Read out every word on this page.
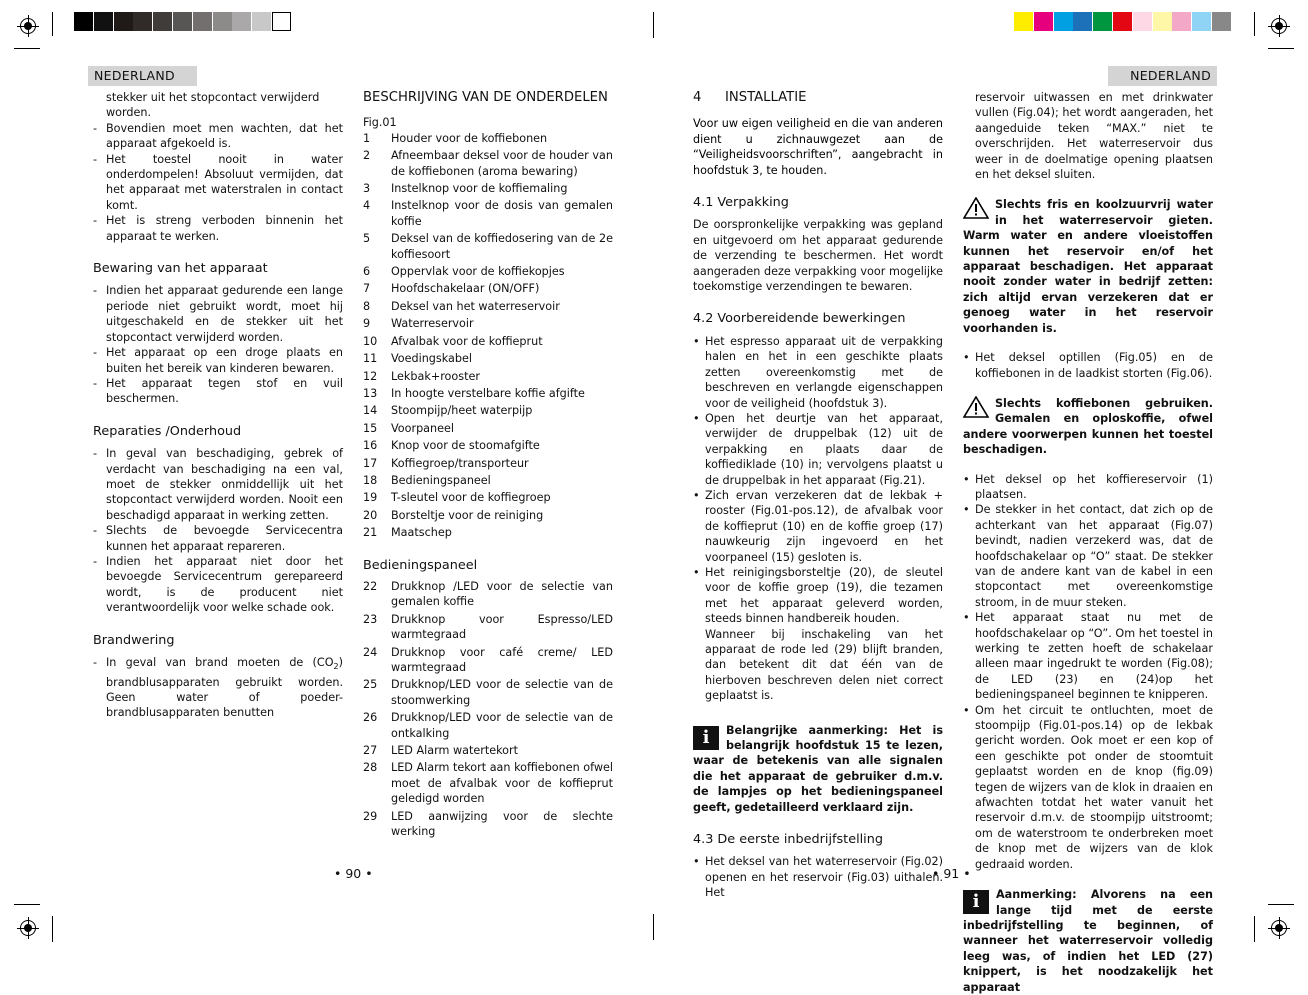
NEDERLAND	NEDERLAND

stekker uit het stopcontact verwijderd worden.

- Bovendien moet men wachten, dat het apparaat afgekoeld is.
- Het toestel nooit in water onderdompelen! Absoluut vermijden, dat het apparaat met waterstralen in contact komt.
- Het is streng verboden binnenin het apparaat te werken.
Bewaring van het apparaat
- Indien het apparaat gedurende een lange periode niet gebruikt wordt, moet hij uitgeschakeld en de stekker uit het stopcontact verwijderd worden.
- Het apparaat op een droge plaats en buiten het bereik van kinderen bewaren.
- Het apparaat tegen stof en vuil beschermen.
Reparaties /Onderhoud
- In geval van beschadiging, gebrek of verdacht van beschadiging na een val, moet de stekker onmiddellijk uit het stopcontact verwijderd worden. Nooit een beschadigd apparaat in werking zetten.
- Slechts de bevoegde Servicecentra kunnen het apparaat repareren.
- Indien het apparaat niet door het bevoegde Servicecentrum gerepareerd wordt, is de producent niet verantwoordelijk voor welke schade ook.
Brandwering
- In geval van brand moeten de $(CO_2)$ brandblusapparaten gebruikt worden. Geen water of poeder-brandblusapparaten benutten
BESCHRIJVING VAN DE ONDERDELEN
Fig.01
1	Houder voor de koffiebonen
2	Afneembaar deksel voor de houder van de koffiebonen (aroma bewaring)
3	Instelknop voor de koffiemaling
4	Instelknop voor de dosis van gemalen koffie
5	Deksel van de koffiedosering van de 2e koffiesoort
6	Oppervlak voor de koffiekopjes
7	Hoofdschakelaar (ON/OFF)
8	Deksel van het waterreservoir
9	Waterreservoir
10	Afvalbak voor de koffieprut
11	Voedingskabel
12	Lekbak+rooster
13	In hoogte verstelbare koffie afgifte
14	Stoompijp/heet waterpijp
15	Voorpaneel
16	Knop voor de stoomafgifte
17	Koffiegroep/transporteur
18	Bedieningspaneel
19	T-sleutel voor de koffiegroep
20	Borsteltje voor de reiniging
21	Maatschep
Bedieningspaneel
22	Drukknop /LED voor de selectie van gemalen koffie
23	Drukknop voor Espresso/LED warmtegraad
24	Drukknop voor café creme/ LED warmtegraad
25	Drukknop/LED voor de selectie van de stoomwerking
26	Drukknop/LED voor de selectie van de ontkalking
27	LED Alarm watertekort
28	LED Alarm tekort aan koffiebonen ofwel moet de afvalbak voor de koffieprut geledigd worden
29	LED aanwijzing voor de slechte werking
• 90 •
4 INSTALLATIE

Voor uw eigen veiligheid en die van anderen dient u zichnauwgezet aan de “Veiligheidsvoorschriften”, aangebracht in hoofdstuk 3, te houden.

4.1 Verpakking

De oorspronkelijke verpakking was gepland en uitgevoerd om het apparaat gedurende de verzending te beschermen. Het wordt aangeraden deze verpakking voor mogelijke toekomstige verzendingen te bewaren.

4.2 Voorbereidende bewerkingen
• Het espresso apparaat uit de verpakking halen en het in een geschikte plaats zetten overeenkomstig met de beschreven en verlangde eigenschappen voor de veiligheid (hoofdstuk 3).
• Open het deurtje van het apparaat, verwijder de druppelbak (12) uit de verpakking en plaats daar de koffiediklade (10) in; vervolgens plaatst u de druppelbak in het apparaat (Fig.21).
• Zich ervan verzekeren dat de lekbak + rooster (Fig.01-pos.12), de afvalbak voor de koffieprut (10) en de koffie groep (17) nauwkeurig zijn ingevoerd en het voorpaneel (15) gesloten is.
• Het reinigingsborsteltje (20), de sleutel voor de koffie groep (19), die tezamen met het apparaat geleverd worden, steeds binnen handbereik houden.

Wanneer bij inschakeling van het apparaat de rode led (29) blijft branden, dan betekent dit dat één van de hierboven beschreven delen niet correct geplaatst is.

i	Belangrijke aanmerking: Het is belangrijk hoofdstuk 15 te lezen, waar de betekenis van alle signalen die het apparaat de gebruiker d.m.v. de lampjes op het bedieningspaneel geeft, gedetailleerd verklaard zijn.
4.3 De eerste inbedrijfstelling
• Het deksel van het waterreservoir (Fig.02) openen en het reservoir (Fig.03) uithalen. Het

reservoir uitwassen en met drinkwater vullen (Fig.04); het wordt aangeraden, het aangeduide teken “MAX.” niet te overschrijden. Het waterreservoir dus weer in de doelmatige opening plaatsen en het deksel sluiten.

Slechts fris en koolzuurvrij water in het waterreservoir gieten. Warm water en andere vloeistoffen kunnen het reservoir en/of het apparaat beschadigen. Het apparaat nooit zonder water in bedrijf zetten: zich altijd ervan verzekeren dat er genoeg water in het reservoir voorhanden is.
• Het deksel optillen (Fig.05) en de koffiebonen in de laadkist storten (Fig.06).
Slechts koffiebonen gebruiken. Gemalen en oploskoffie, ofwel andere voorwerpen kunnen het toestel beschadigen.
• Het deksel op het koffiereservoir (1) plaatsen.
• De stekker in het contact, dat zich op de achterkant van het apparaat (Fig.07) bevindt, nadien verzekerd was, dat de hoofdschakelaar op “O” staat. De stekker van de andere kant van de kabel in een stopcontact met overeenkomstige stroom, in de muur steken.
• Het apparaat staat nu met de hoofdschakelaar op “O”. Om het toestel in werking te zetten hoeft de schakelaar alleen maar ingedrukt te worden (Fig.08); de LED (23) en (24)op het bedieningspaneel beginnen te knipperen.
• Om het circuit te ontluchten, moet de stoompijp (Fig.01-pos.14) op de lekbak gericht worden. Ook moet er een kop of een geschikte pot onder de stoomtuit geplaatst worden en de knop (fig.09) tegen de wijzers van de klok in draaien en afwachten totdat het water vanuit het reservoir d.m.v. de stoompijp uitstroomt; om de waterstroom te onderbreken moet de knop met de wijzers van de klok gedraaid worden.
i	Aanmerking: Alvorens na een lange tijd met de eerste inbedrijfstelling te beginnen, of wanneer het waterreservoir volledig leeg was, of indien het LED (27) knippert, is het noodzakelijk het apparaat
• 91 •
